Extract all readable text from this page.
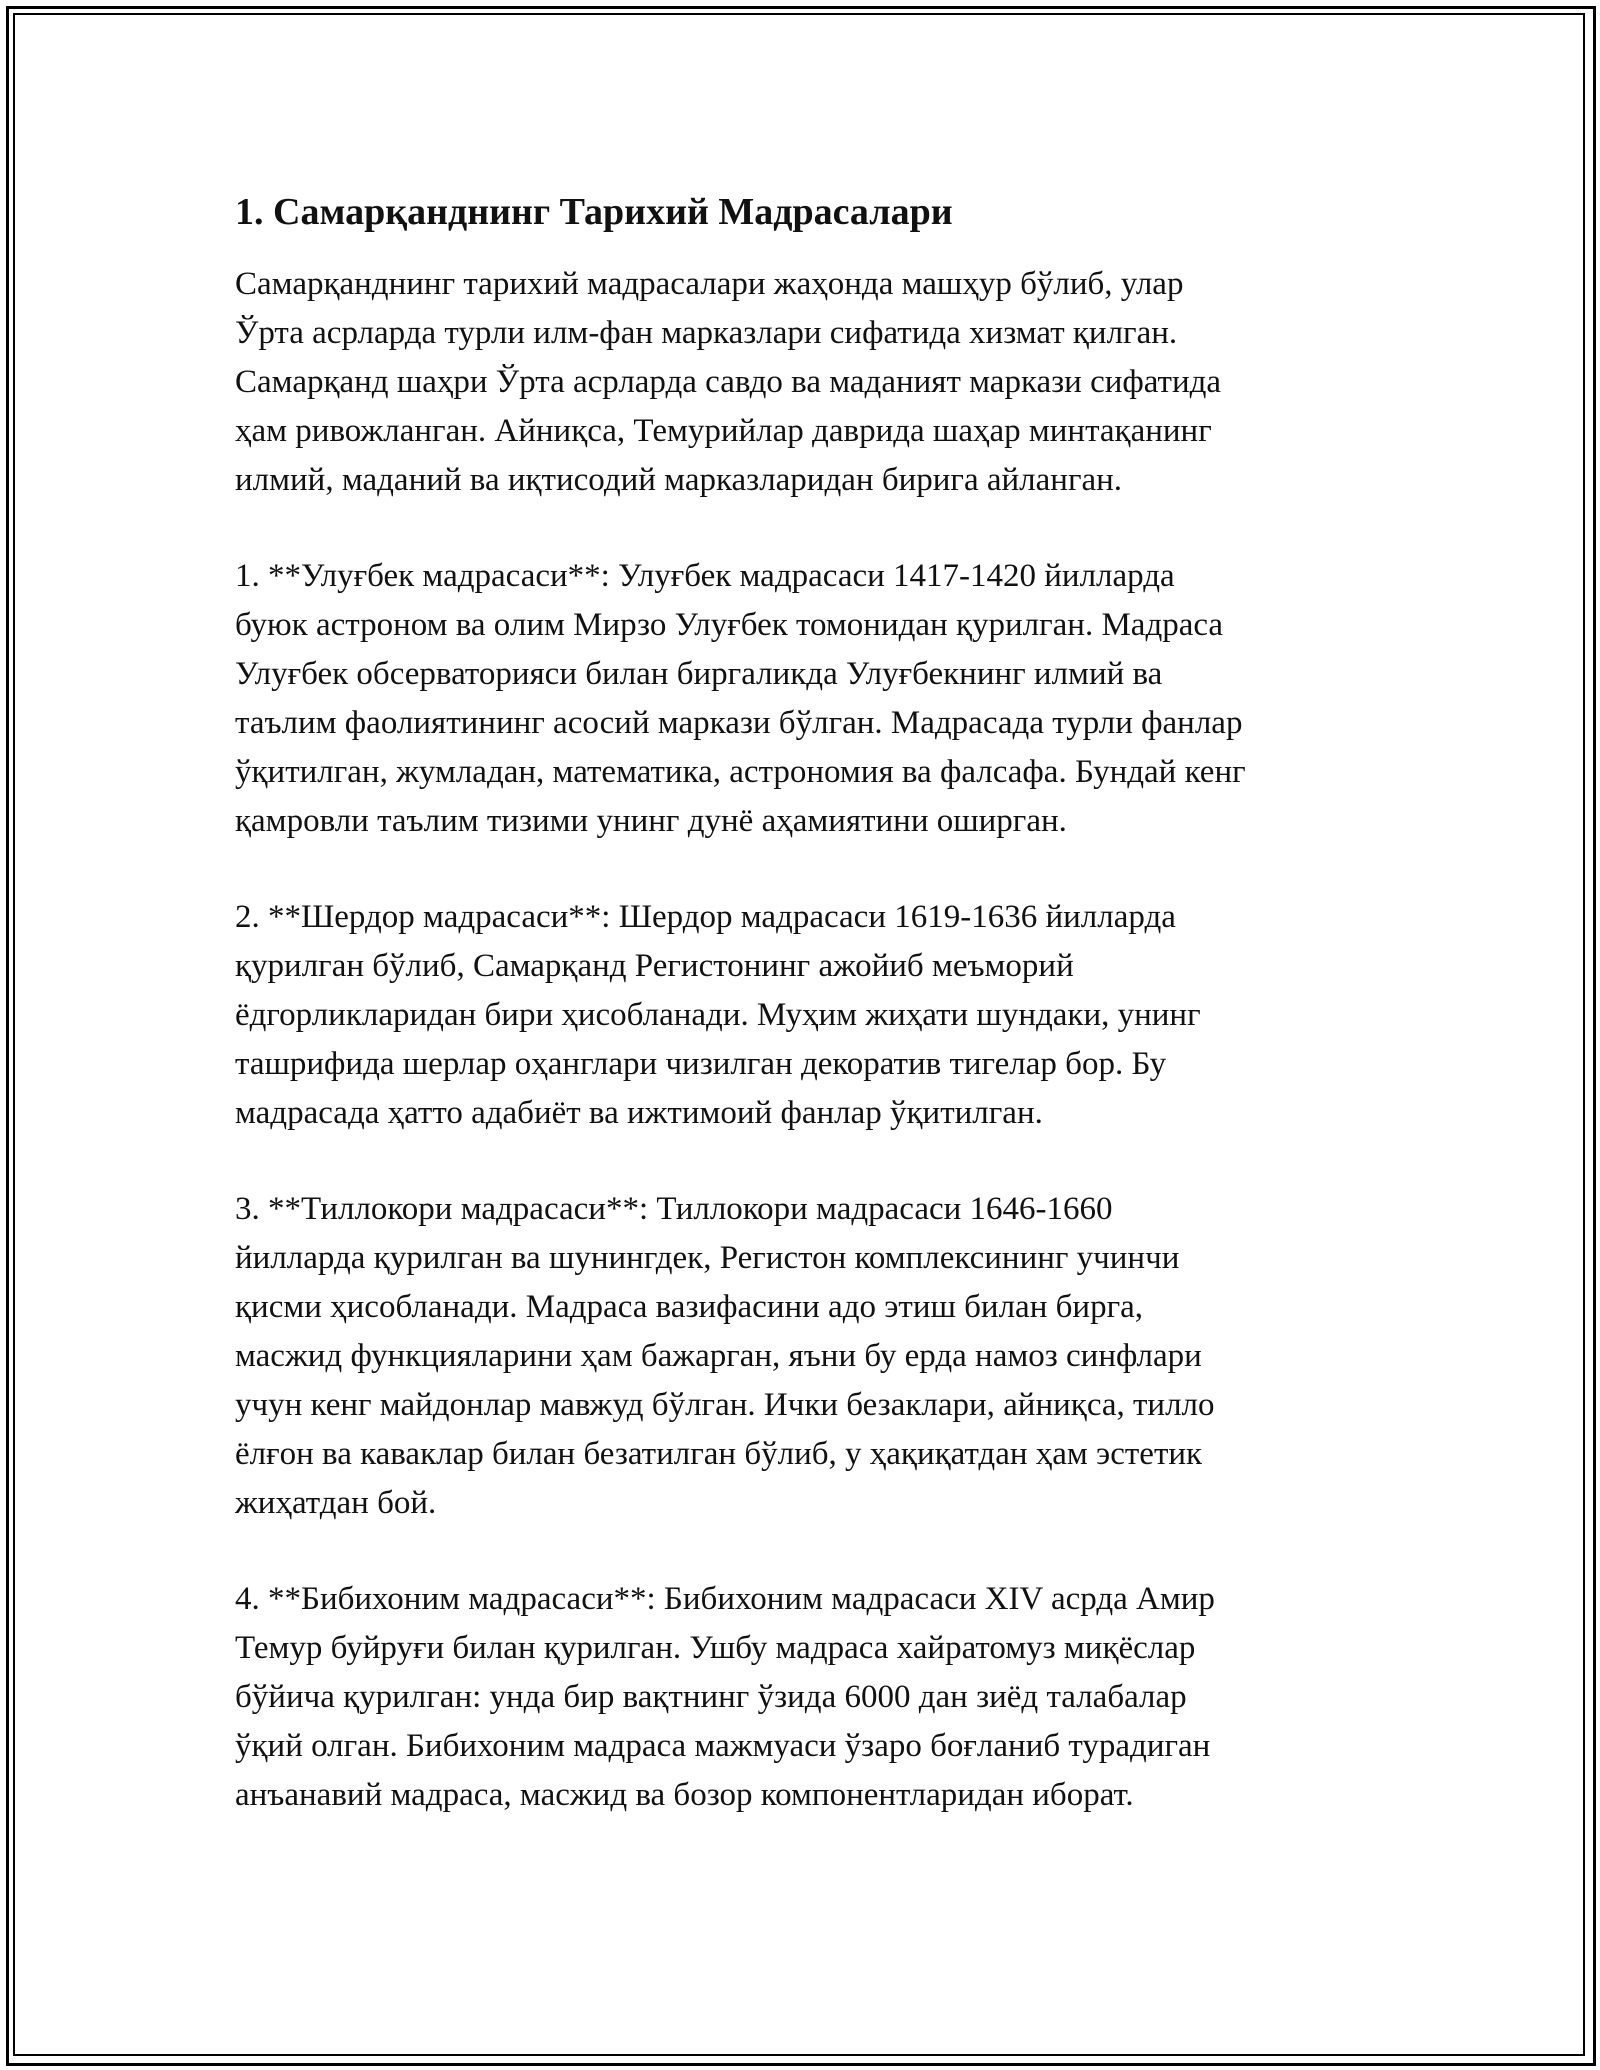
1. Самарқанднинг Тарихий Мадрасалари

Самарқанднинг тарихий мадрасалари жаҳонда машҳур бўлиб, улар
Ўрта асрларда турли илм-фан марказлари сифатида хизмат қилган.
Самарқанд шаҳри Ўрта асрларда савдо ва маданият маркази сифатида
ҳам ривожланган. Айниқса, Темурийлар даврида шаҳар минтақанинг
илмий, маданий ва иқтисодий марказларидан бирига айланган.

1. **Улуғбек мадрасаси**: Улуғбек мадрасаси 1417-1420 йилларда
буюк астроном ва олим Мирзо Улуғбек томонидан қурилган. Мадраса
Улуғбек обсерваторияси билан биргаликда Улуғбекнинг илмий ва
таълим фаолиятининг асосий маркази бўлган. Мадрасада турли фанлар
ўқитилган, жумладан, математика, астрономия ва фалсафа. Бундай кенг
қамровли таълим тизими унинг дунё аҳамиятини оширган.

2. **Шердор мадрасаси**: Шердор мадрасаси 1619-1636 йилларда
қурилган бўлиб, Самарқанд Регистонинг ажойиб меъморий
ёдгорликларидан бири ҳисобланади. Муҳим жиҳати шундаки, унинг
ташрифида шерлар оҳанглари чизилган декоратив тигелар бор. Бу
мадрасада ҳатто адабиёт ва ижтимоий фанлар ўқитилган.

3. **Тиллокори мадрасаси**: Тиллокори мадрасаси 1646-1660
йилларда қурилган ва шунингдек, Регистон комплексининг учинчи
қисми ҳисобланади. Мадраса вазифасини адо этиш билан бирга,
масжид функцияларини ҳам бажарган, яъни бу ерда намоз синфлари
учун кенг майдонлар мавжуд бўлган. Ички безаклари, айниқса, тилло
ёлғон ва каваклар билан безатилган бўлиб, у ҳақиқатдан ҳам эстетик
жиҳатдан бой.

4. **Бибихоним мадрасаси**: Бибихоним мадрасаси XIV асрда Амир
Темур буйруғи билан қурилган. Ушбу мадраса хайратомуз миқёслар
бўйича қурилган: унда бир вақтнинг ўзида 6000 дан зиёд талабалар
ўқий олган. Бибихоним мадраса мажмуаси ўзаро боғланиб турадиган
анъанавий мадраса, масжид ва бозор компонентларидан иборат.
